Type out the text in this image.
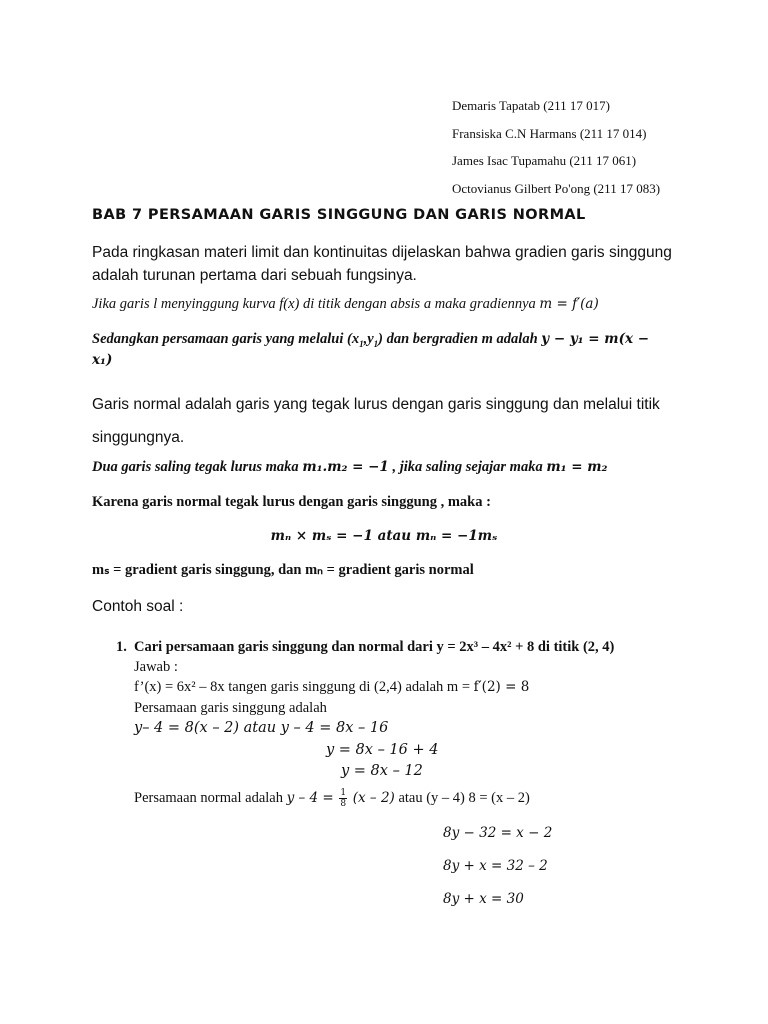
Demaris Tapatab (211 17 017)
Fransiska C.N Harmans (211 17 014)
James Isac Tupamahu (211 17 061)
Octovianus Gilbert Po'ong (211 17 083)
BAB 7 PERSAMAAN GARIS SINGGUNG DAN GARIS NORMAL
Pada ringkasan materi limit dan kontinuitas dijelaskan bahwa gradien garis singgung adalah turunan pertama dari sebuah fungsinya.
Jika garis l menyinggung kurva f(x) di titik dengan absis a maka gradiennya m = f′(a)
Sedangkan persamaan garis yang melalui $(x_1,y_1)$ dan bergradien m adalah y − y₁ = m(x −
x₁)
Garis normal adalah garis yang tegak lurus dengan garis singgung dan melalui titik singgungnya.
Dua garis saling tegak lurus maka m₁.m₂ = −1 , jika saling sejajar maka m₁ = m₂
Karena garis normal tegak lurus dengan garis singgung , maka :
mₙ × mₛ = −1 atau mₙ = −1mₛ
mₛ = gradient garis singgung, dan mₙ = gradient garis normal
Contoh soal :
1. Cari persamaan garis singgung dan normal dari y = 2x³ – 4x² + 8 di titik (2, 4)
Jawab :
f’(x) = 6x² – 8x tangen garis singgung di (2,4) adalah m = f′(2) = 8
Persamaan garis singgung adalah
y– 4 = 8(x – 2) atau y – 4 = 8x – 16
y = 8x – 16 + 4
y = 8x – 12
Persamaan normal adalah $y - 4 = \frac{1}{8} (x - 2)$ atau (y – 4) 8 = (x – 2)
8y − 32 = x − 2
8y + x = 32 – 2
8y + x = 30
